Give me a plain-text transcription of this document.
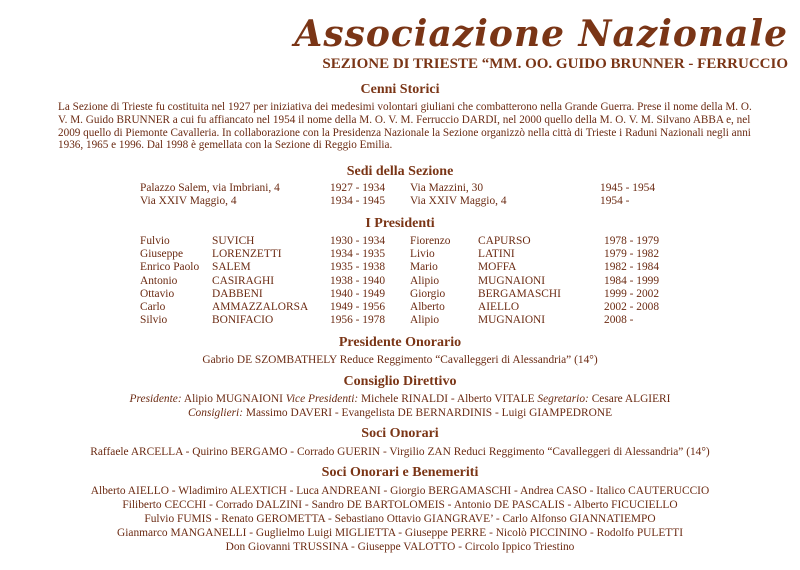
Associazione Nazionale
SEZIONE DI TRIESTE “MM. OO. GUIDO BRUNNER - FERRUCCIO
Cenni Storici
La Sezione di Trieste fu costituita nel 1927 per iniziativa dei medesimi volontari giuliani che combatterono nella Grande Guerra. Prese il nome della M. O. V. M. Guido BRUNNER a cui fu affiancato nel 1954 il nome della M. O. V. M. Ferruccio DARDI, nel 2000 quello della M. O. V. M. Silvano ABBA e, nel 2009 quello di Piemonte Cavalleria. In collaborazione con la Presidenza Nazionale la Sezione organizzò nella città di Trieste i Raduni Nazionali negli anni 1936, 1965 e 1996. Dal 1998 è gemellata con la Sezione di Reggio Emilia.
Sedi della Sezione
Palazzo Salem, via Imbriani, 4	1927 - 1934 Via Mazzini, 30	1945 - 1954
Via XXIV Maggio, 4	1934 - 1945 Via XXIV Maggio, 4	1954 -
I Presidenti
Fulvio	SUVICH	1930 - 1934 Fiorenzo CAPURSO	1978 - 1979
Giuseppe	LORENZETTI	1934 - 1935 Livio	LATINI	1979 - 1982
Enrico Paolo SALEM	1935 - 1938 Mario	MOFFA	1982 - 1984
Antonio	CASIRAGHI	1938 - 1940 Alipio	MUGNAIONI	1984 - 1999
Ottavio	DABBENI	1940 - 1949 Giorgio	BERGAMASCHI	1999 - 2002
Carlo	AMMAZZALORSA 1949 - 1956 Alberto	AIELLO	2002 - 2008
Silvio	BONIFACIO	1956 - 1978 Alipio	MUGNAIONI	2008 -
Presidente Onorario
Gabrio DE SZOMBATHELY Reduce Reggimento “Cavalleggeri di Alessandria” (14°)
Consiglio Direttivo
Presidente: Alipio MUGNAIONI Vice Presidenti: Michele RINALDI - Alberto VITALE Segretario: Cesare ALGIERI
Consiglieri: Massimo DAVERI - Evangelista DE BERNARDINIS - Luigi GIAMPEDRONE
Soci Onorari
Raffaele ARCELLA - Quirino BERGAMO - Corrado GUERIN - Virgilio ZAN Reduci Reggimento “Cavalleggeri di Alessandria” (14°)
Soci Onorari e Benemeriti
Alberto AIELLO - Wladimiro ALEXTICH - Luca ANDREANI - Giorgio BERGAMASCHI - Andrea CASO - Italico CAUTERUCCIO
Filiberto CECCHI - Corrado DALZINI - Sandro DE BARTOLOMEIS - Antonio DE PASCALIS - Alberto FICUCIELLO
Fulvio FUMIS - Renato GEROMETTA - Sebastiano Ottavio GIANGRAVE’ - Carlo Alfonso GIANNATIEMPO
Gianmarco MANGANELLI - Guglielmo Luigi MIGLIETTA - Giuseppe PERRE - Nicolò PICCININO - Rodolfo PULETTI
Don Giovanni TRUSSINA - Giuseppe VALOTTO - Circolo Ippico Triestino
